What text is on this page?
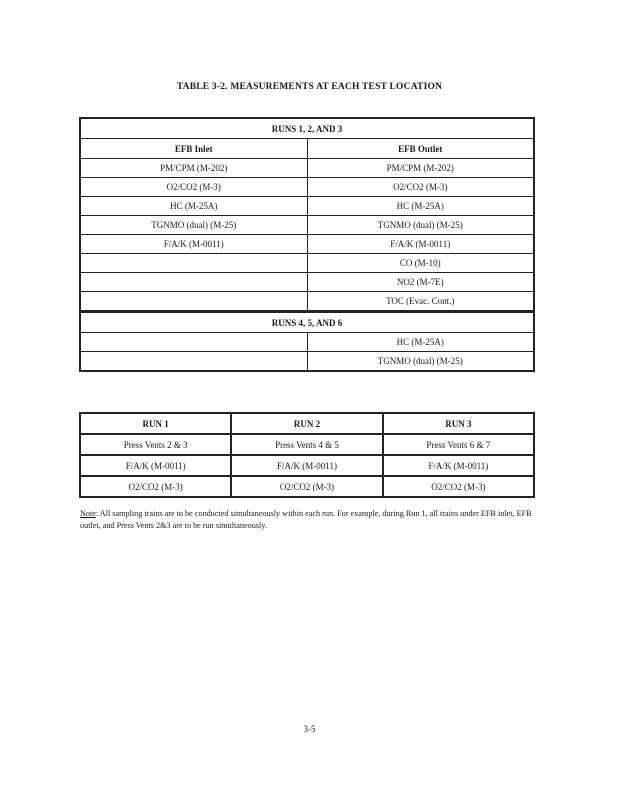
TABLE 3-2. MEASUREMENTS AT EACH TEST LOCATION
RUNS 1, 2, AND 3	
EFB Inlet	EFB Outlet
PM/CPM (M-202)	PM/CPM (M-202)
O2/CO2 (M-3)	O2/CO2 (M-3)
HC (M-25A)	HC (M-25A)
TGNMO (dual) (M-25)	TGNMO (dual) (M-25)
F/A/K (M-0011)	F/A/K (M-0011)
	CO (M-10)
	NO2 (M-7E)
	TOC (Evac. Cont.)
RUNS 4, 5, AND 6	
	HC (M-25A)
	TGNMO (dual) (M-25)
RUN 1	RUN 2	RUN 3
Press Vents 2 & 3	Press Vents 4 & 5	Press Vents 6 & 7
F/A/K (M-0011)	F/A/K (M-0011)	F/A/K (M-0011)
O2/CO2 (M-3)	O2/CO2 (M-3)	O2/CO2 (M-3)
Note: All sampling trains are to be conducted simultaneously within each run. For example, during Run 1, all trains under EFB inlet, EFB outlet, and Press Vents 2&3 are to be run simultaneously.
3-5
